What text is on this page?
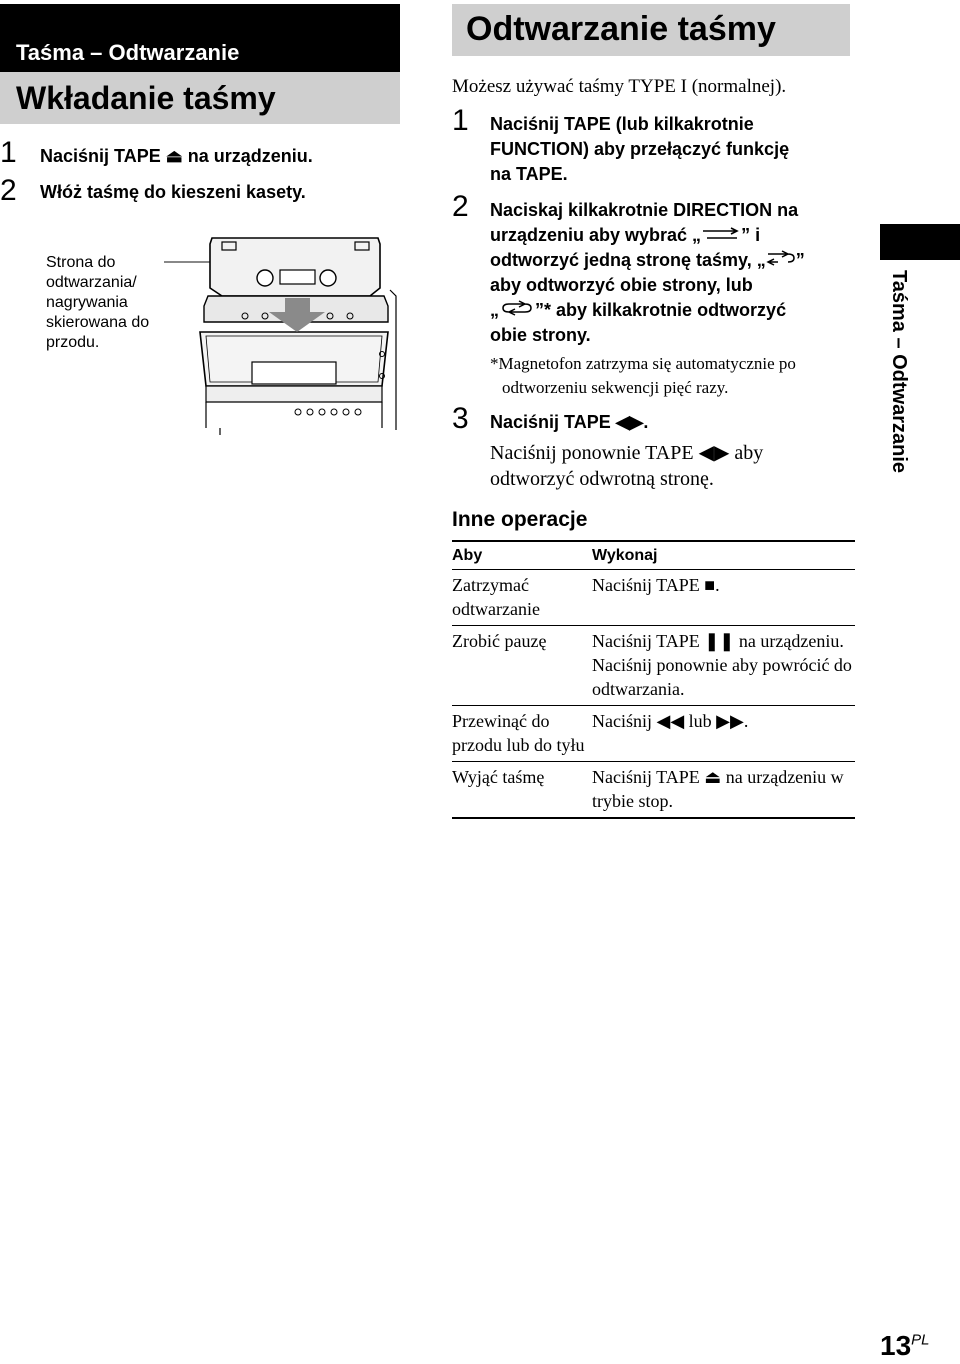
Taśma – Odtwarzanie
Wkładanie taśmy
1 Naciśnij TAPE ⏏ na urządzeniu.
2 Włóż taśmę do kieszeni kasety.
Strona do odtwarzania/ nagrywania skierowana do przodu.
Odtwarzanie taśmy
Możesz używać taśmy TYPE I (normalnej).
1 Naciśnij TAPE (lub kilkakrotnie
FUNCTION) aby przełączyć funkcję
na TAPE.
2 Naciskaj kilkakrotnie DIRECTION na
urządzeniu aby wybrać „ ” i
odtworzyć jedną stronę taśmy, „ ”
aby odtworzyć obie strony, lub
„ ”* aby kilkakrotnie odtworzyć
obie strony.
*Magnetofon zatrzyma się automatycznie po
odtworzeniu sekwencji pięć razy.
3 Naciśnij TAPE ◀▶.
Naciśnij ponownie TAPE ◀▶ aby
odtworzyć odwrotną stronę.
Inne operacje
Aby	Wykonaj
Zatrzymać odtwarzanie	Naciśnij TAPE ■.
Zrobić pauzę	Naciśnij TAPE ❚❚ na urządzeniu. Naciśnij ponownie aby powrócić do odtwarzania.
Przewinąć do przodu lub do tyłu	Naciśnij ◀◀ lub ▶▶.
Wyjąć taśmę	Naciśnij TAPE ⏏ na urządzeniu w trybie stop.
Taśma – Odtwarzanie
$13^{PL}$
